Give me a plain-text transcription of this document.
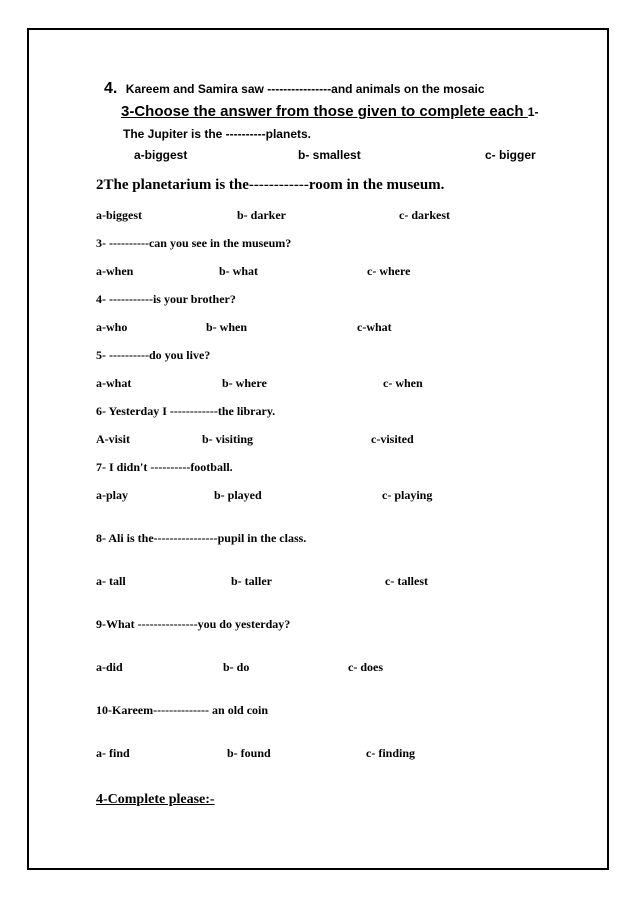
4. Kareem and Samira saw ----------------and animals on the mosaic
3-Choose the answer from those given to complete each 1-
The Jupiter is the ----------planets.
a-biggest	b- smallest	c- bigger
2The planetarium is the------------room in the museum.
a-biggest	b- darker	c- darkest
3- ----------can you see in the museum?
a-when	b- what	c- where
4- -----------is your brother?
a-who	b- when	c-what
5- ----------do you live?
a-what	b- where	c- when
6- Yesterday I ------------the library.
A-visit	b- visiting	c-visited
7- I didn't ----------football.
a-play	b- played	c- playing
8- Ali is the----------------pupil in the class.
a- tall	b- taller	c- tallest
9-What ---------------you do yesterday?
a-did	b- do	c- does
10-Kareem-------------- an old coin
a- find	b- found	c- finding
4-Complete please:-
